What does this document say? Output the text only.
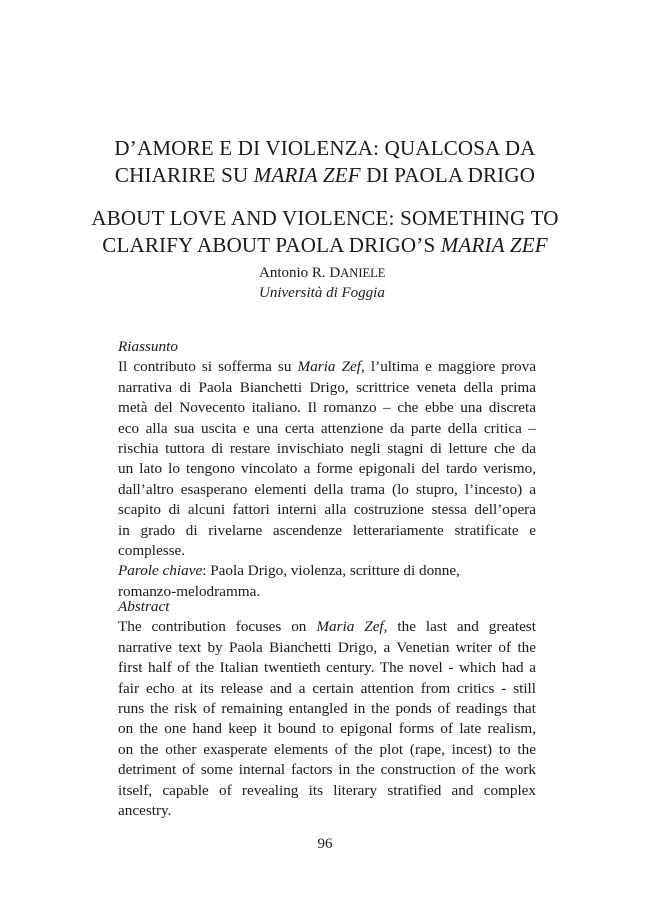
D’AMORE E DI VIOLENZA: QUALCOSA DA
CHIARIRE SU MARIA ZEF DI PAOLA DRIGO
ABOUT LOVE AND VIOLENCE: SOMETHING TO
CLARIFY ABOUT PAOLA DRIGO’S MARIA ZEF
Antonio R. DANIELE
Università di Foggia
Riassunto
Il contributo si sofferma su Maria Zef, l’ultima e maggiore prova
narrativa di Paola Bianchetti Drigo, scrittrice veneta della prima
metà del Novecento italiano. Il romanzo – che ebbe una discreta
eco alla sua uscita e una certa attenzione da parte della critica –
rischia tuttora di restare invischiato negli stagni di letture che da
un lato lo tengono vincolato a forme epigonali del tardo verismo,
dall’altro esasperano elementi della trama (lo stupro, l’incesto) a
scapito di alcuni fattori interni alla costruzione stessa dell’opera
in grado di rivelarne ascendenze letterariamente stratificate e
complesse.
Parole chiave: Paola Drigo, violenza, scritture di donne,
romanzo-melodramma.
Abstract
The contribution focuses on Maria Zef, the last and greatest
narrative text by Paola Bianchetti Drigo, a Venetian writer of the
first half of the Italian twentieth century. The novel - which had a
fair echo at its release and a certain attention from critics - still
runs the risk of remaining entangled in the ponds of readings that
on the one hand keep it bound to epigonal forms of late realism,
on the other exasperate elements of the plot (rape, incest) to the
detriment of some internal factors in the construction of the work
itself, capable of revealing its literary stratified and complex
ancestry.
96
